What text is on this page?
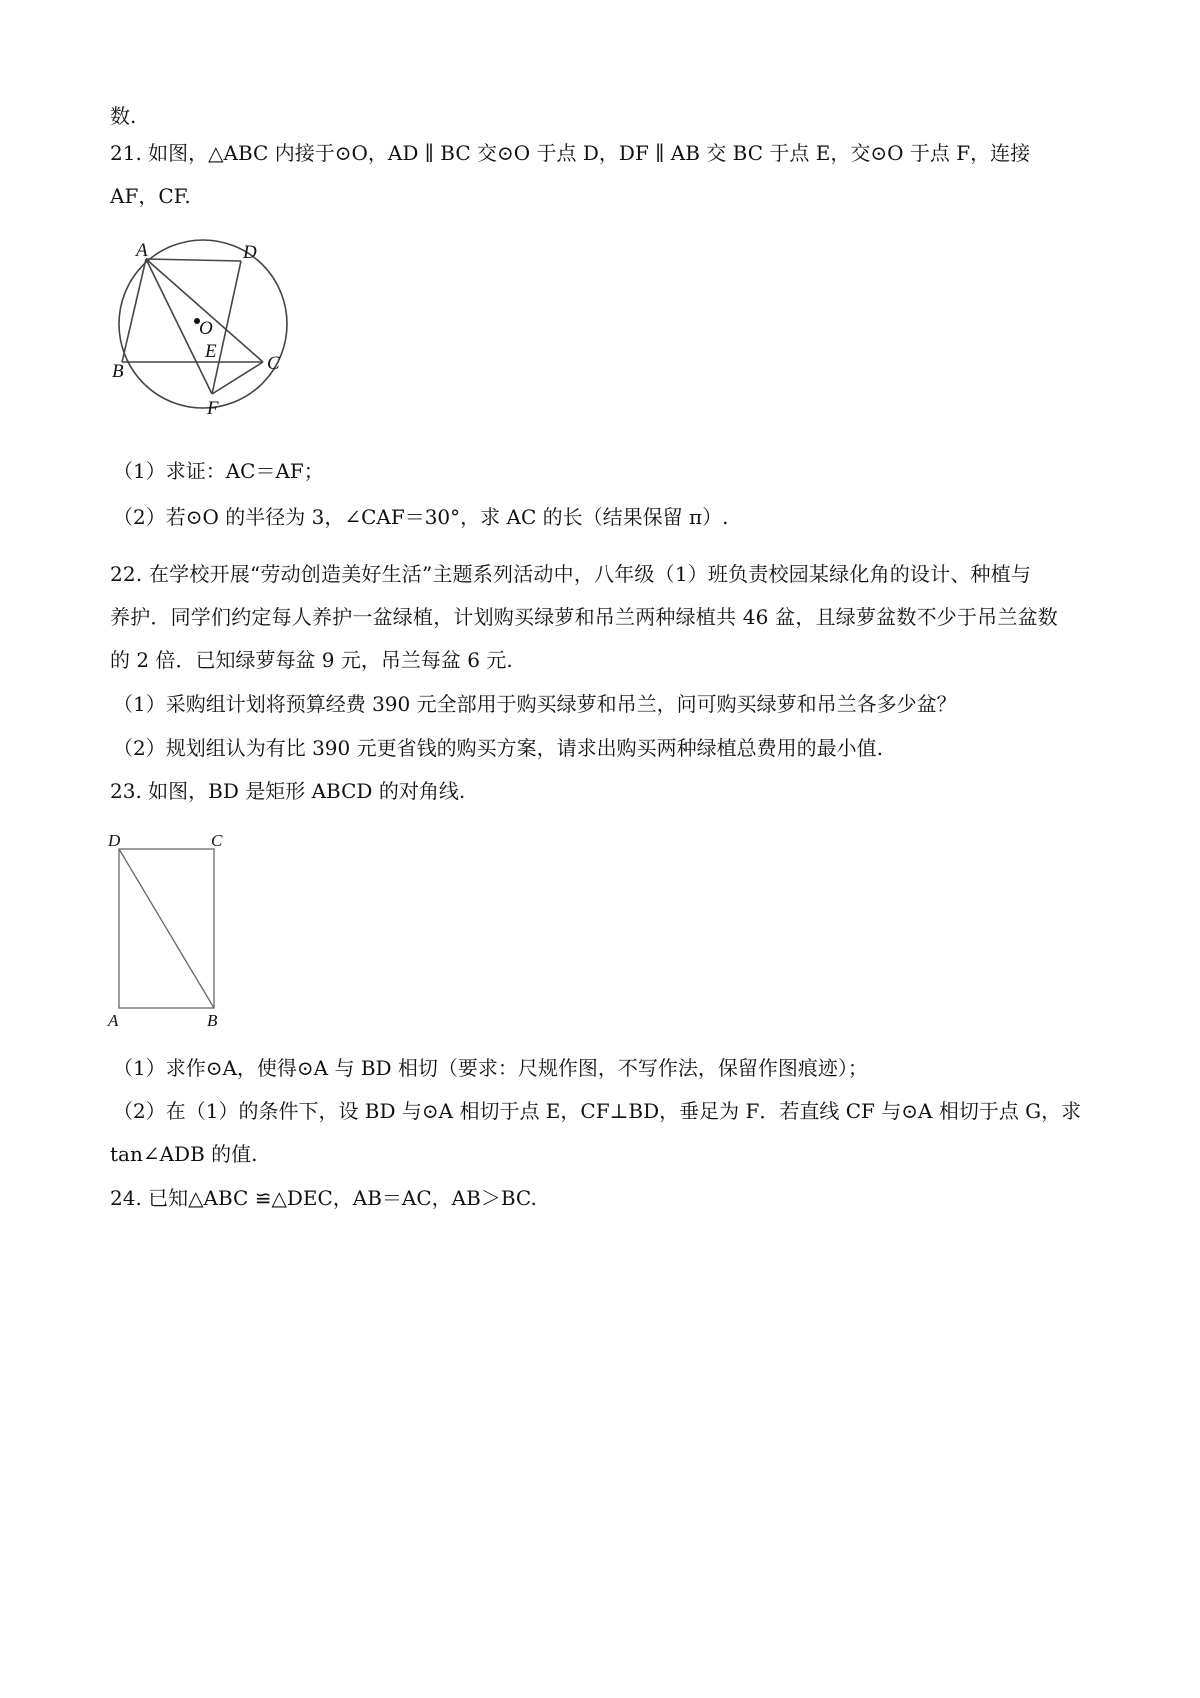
数.
21. 如图，△ABC 内接于⊙O，AD ∥ BC 交⊙O 于点 D，DF ∥ AB 交 BC 于点 E，交⊙O 于点 F，连接
AF，CF.
A	D
O
E
B	C
F
（1）求证：AC＝AF；
（2）若⊙O 的半径为 3，∠CAF＝30°，求 AC 的长（结果保留 π）.
22. 在学校开展“劳动创造美好生活”主题系列活动中，八年级（1）班负责校园某绿化角的设计、种植与
养护．同学们约定每人养护一盆绿植，计划购买绿萝和吊兰两种绿植共 46 盆，且绿萝盆数不少于吊兰盆数
的 2 倍．已知绿萝每盆 9 元，吊兰每盆 6 元.
（1）采购组计划将预算经费 390 元全部用于购买绿萝和吊兰，问可购买绿萝和吊兰各多少盆？
（2）规划组认为有比 390 元更省钱的购买方案，请求出购买两种绿植总费用的最小值.
23. 如图，BD 是矩形 ABCD 的对角线.
D	C
A	B
（1）求作⊙A，使得⊙A 与 BD 相切（要求：尺规作图，不写作法，保留作图痕迹）；
（2）在（1）的条件下，设 BD 与⊙A 相切于点 E，CF⊥BD，垂足为 F．若直线 CF 与⊙A 相切于点 G，求
tan∠ADB 的值.
24. 已知△ABC ≌△DEC，AB＝AC，AB＞BC.
